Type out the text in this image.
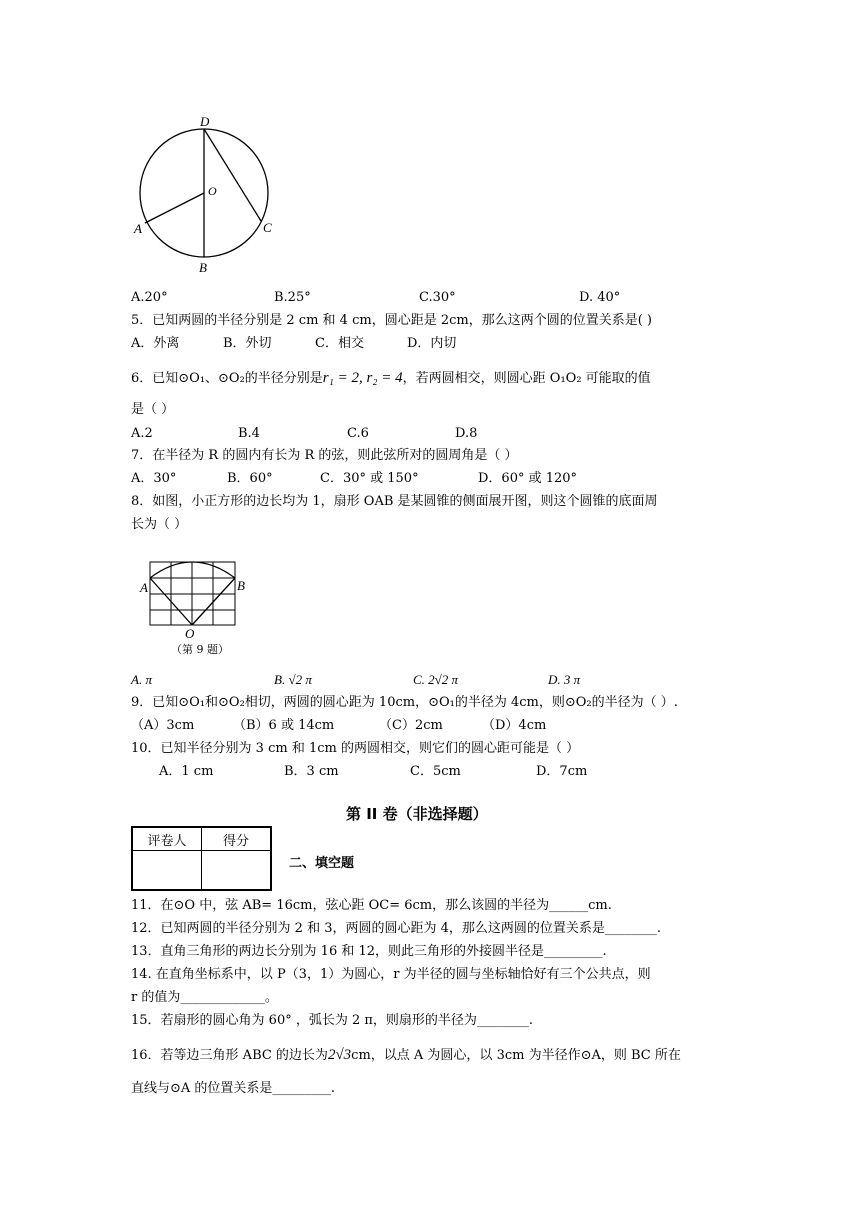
D
O
A	C
B
A.20°	B.25°	C.30°	D. 40°
5．已知两圆的半径分别是 2 cm 和 4 cm，圆心距是 2cm，那么这两个圆的位置关系是( )
A．外离	B．外切	C．相交	D．内切
6．已知⊙O₁、⊙O₂的半径分别是r₁ = 2, r₂ = 4，若两圆相交，则圆心距 O₁O₂ 可能取的值
是（ ）
A.2	B.4	C.6	D.8
7．在半径为 R 的圆内有长为 R 的弦，则此弦所对的圆周角是（ ）
A．30°	B．60°	C．30° 或 150°	D．60° 或 120°
8．如图，小正方形的边长均为 1，扇形 OAB 是某圆锥的侧面展开图，则这个圆锥的底面周
长为（ ）
A	B
O
（第 9 题）
A. π	B. √2 π	C. 2√2 π	D. 3 π
9．已知⊙O₁和⊙O₂相切，两圆的圆心距为 10cm，⊙O₁的半径为 4cm，则⊙O₂的半径为（ ）.
（A）3cm	（B）6 或 14cm	（C）2cm	（D）4cm
10．已知半径分别为 3 cm 和 1cm 的两圆相交，则它们的圆心距可能是（ ）
A．1 cm	B．3 cm	C．5cm	D．7cm
第 II 卷（非选择题）
评卷人	得分

二、填空题
11．在⊙O 中，弦 AB= 16cm，弦心距 OC= 6cm，那么该圆的半径为______cm.
12．已知两圆的半径分别为 2 和 3，两圆的圆心距为 4，那么这两圆的位置关系是________.
13．直角三角形的两边长分别为 16 和 12，则此三角形的外接圆半径是_________.
14. 在直角坐标系中，以 P（3，1）为圆心，r 为半径的圆与坐标轴恰好有三个公共点，则
r 的值为_____________。
15．若扇形的圆心角为 60° ，弧长为 2 π，则扇形的半径为________.
16．若等边三角形 ABC 的边长为2√3cm，以点 A 为圆心，以 3cm 为半径作⊙A，则 BC 所在
直线与⊙A 的位置关系是_________.
